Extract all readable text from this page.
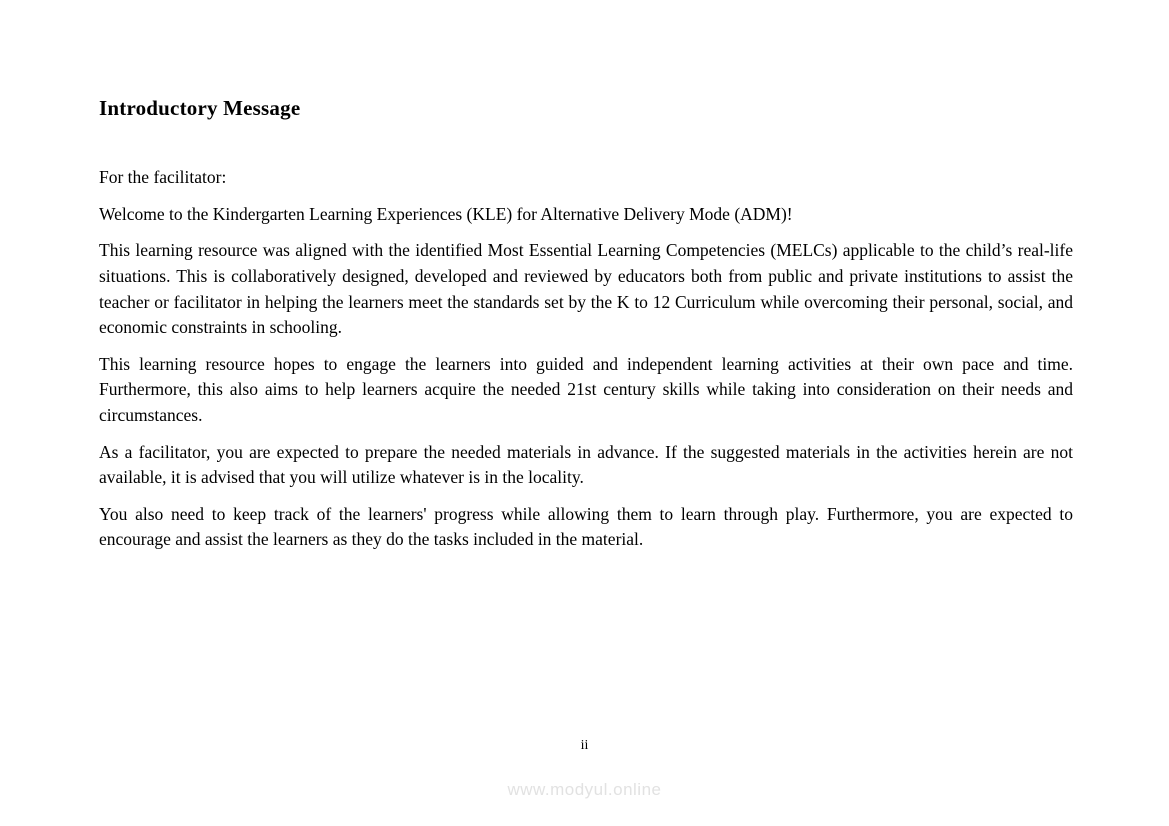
Introductory Message

For the facilitator:

Welcome to the Kindergarten Learning Experiences (KLE) for Alternative Delivery Mode (ADM)!

This learning resource was aligned with the identified Most Essential Learning Competencies (MELCs) applicable to the child’s real-life situations. This is collaboratively designed, developed and reviewed by educators both from public and private institutions to assist the teacher or facilitator in helping the learners meet the standards set by the K to 12 Curriculum while overcoming their personal, social, and economic constraints in schooling.

This learning resource hopes to engage the learners into guided and independent learning activities at their own pace and time. Furthermore, this also aims to help learners acquire the needed 21st century skills while taking into consideration on their needs and circumstances.

As a facilitator, you are expected to prepare the needed materials in advance. If the suggested materials in the activities herein are not available, it is advised that you will utilize whatever is in the locality.

You also need to keep track of the learners' progress while allowing them to learn through play. Furthermore, you are expected to encourage and assist the learners as they do the tasks included in the material.

ii
www.modyul.online
